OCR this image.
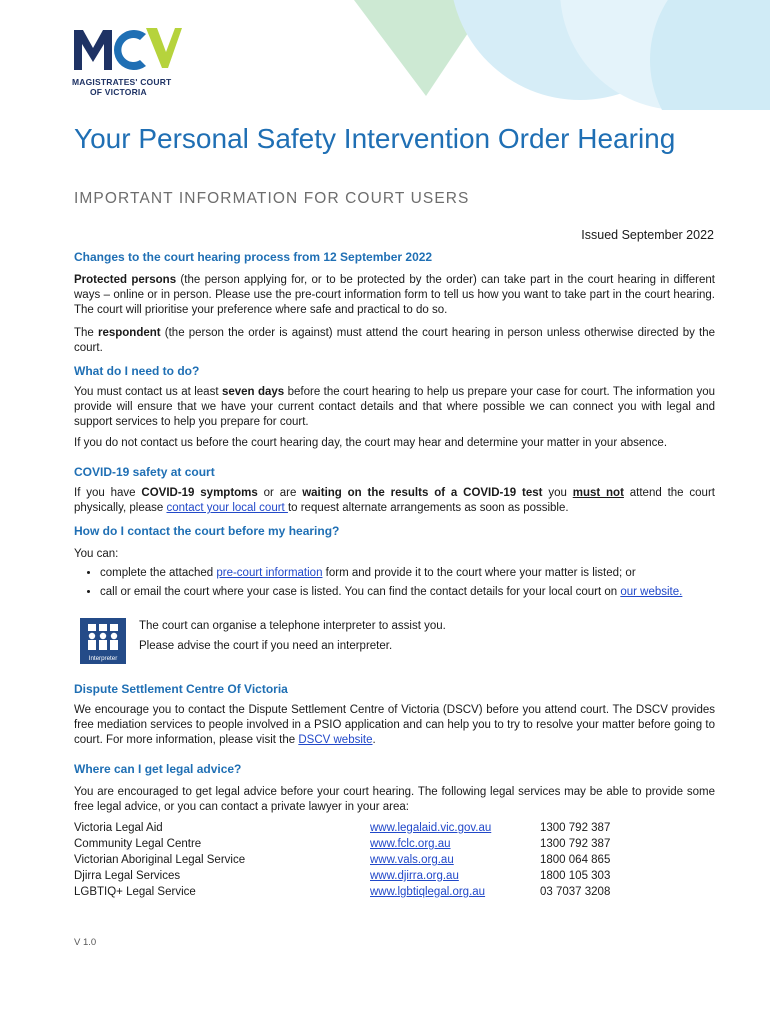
MAGISTRATES' COURT
OF VICTORIA
Your Personal Safety Intervention Order Hearing
IMPORTANT INFORMATION FOR COURT USERS
Issued September 2022
Changes to the court hearing process from 12 September 2022

Protected persons (the person applying for, or to be protected by the order) can take part in the court hearing in different ways – online or in person. Please use the pre-court information form to tell us how you want to take part in the court hearing. The court will prioritise your preference where safe and practical to do so.

The respondent (the person the order is against) must attend the court hearing in person unless otherwise directed by the court.

What do I need to do?

You must contact us at least seven days before the court hearing to help us prepare your case for court. The information you provide will ensure that we have your current contact details and that where possible we can connect you with legal and support services to help you prepare for court.

If you do not contact us before the court hearing day, the court may hear and determine your matter in your absence.

COVID-19 safety at court

If you have COVID-19 symptoms or are waiting on the results of a COVID-19 test you must not attend the court physically, please contact your local court to request alternate arrangements as soon as possible.

How do I contact the court before my hearing?

You can:

• complete the attached pre-court information form and provide it to the court where your matter is listed; or
• call or email the court where your case is listed. You can find the contact details for your local court on our website.
Interpreter
The court can organise a telephone interpreter to assist you.
Please advise the court if you need an interpreter.
Dispute Settlement Centre Of Victoria

We encourage you to contact the Dispute Settlement Centre of Victoria (DSCV) before you attend court. The DSCV provides free mediation services to people involved in a PSIO application and can help you to try to resolve your matter before going to court. For more information, please visit the DSCV website.

Where can I get legal advice?

You are encouraged to get legal advice before your court hearing. The following legal services may be able to provide some free legal advice, or you can contact a private lawyer in your area:

Victoria Legal Aid	www.legalaid.vic.gov.au	1300 792 387
Community Legal Centre	www.fclc.org.au	1300 792 387
Victorian Aboriginal Legal Service	www.vals.org.au	1800 064 865
Djirra Legal Services	www.djirra.org.au	1800 105 303
LGBTIQ+ Legal Service	www.lgbtiqlegal.org.au	03 7037 3208
V 1.0
